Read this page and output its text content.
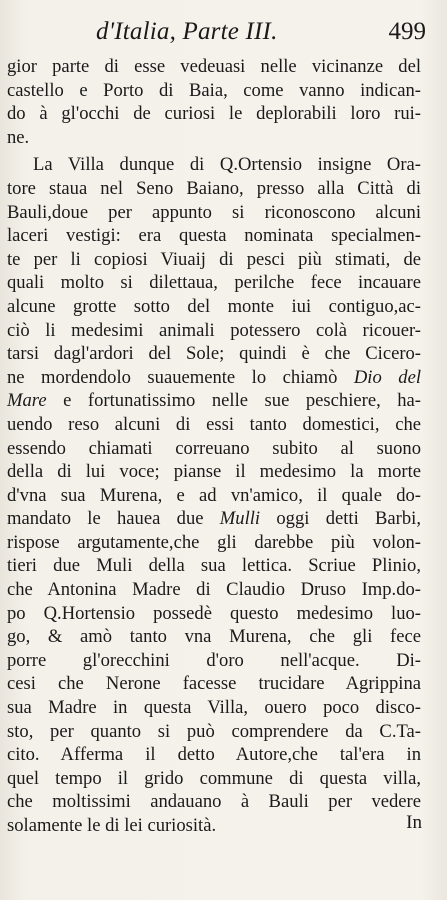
d'Italia, Parte III.	499
gior parte di esse vedeuasi nelle vicinanze del
castello e Porto di Baia, come vanno indican-
do à gl'occhi de curiosi le deplorabili loro rui-
ne.
La Villa dunque di Q.Ortensio insigne Ora-
tore staua nel Seno Baiano, presso alla Città di
Bauli,doue per appunto si riconoscono alcuni
laceri vestigi: era questa nominata specialmen-
te per li copiosi Viuaij di pesci più stimati, de
quali molto si dilettaua, perilche fece incauare
alcune grotte sotto del monte iui contiguo,ac-
ciò li medesimi animali potessero colà ricouer-
tarsi dagl'ardori del Sole; quindi è che Cicero-
ne mordendolo suauemente lo chiamò Dio del
Mare e fortunatissimo nelle sue peschiere, ha-
uendo reso alcuni di essi tanto domestici, che
essendo chiamati correuano subito al suono
della di lui voce; pianse il medesimo la morte
d'vna sua Murena, e ad vn'amico, il quale do-
mandato le hauea due Mulli oggi detti Barbi,
rispose argutamente,che gli darebbe più volon-
tieri due Muli della sua lettica. Scriue Plinio,
che Antonina Madre di Claudio Druso Imp.do-
po Q.Hortensio possedè questo medesimo luo-
go, & amò tanto vna Murena, che gli fece
porre gl'orecchini d'oro nell'acque. Di-
cesi che Nerone facesse trucidare Agrippina
sua Madre in questa Villa, ouero poco disco-
sto, per quanto si può comprendere da C.Ta-
cito. Afferma il detto Autore,che tal'era in
quel tempo il grido commune di questa villa,
che moltissimi andauano à Bauli per vedere
solamente le di lei curiosità.	In
